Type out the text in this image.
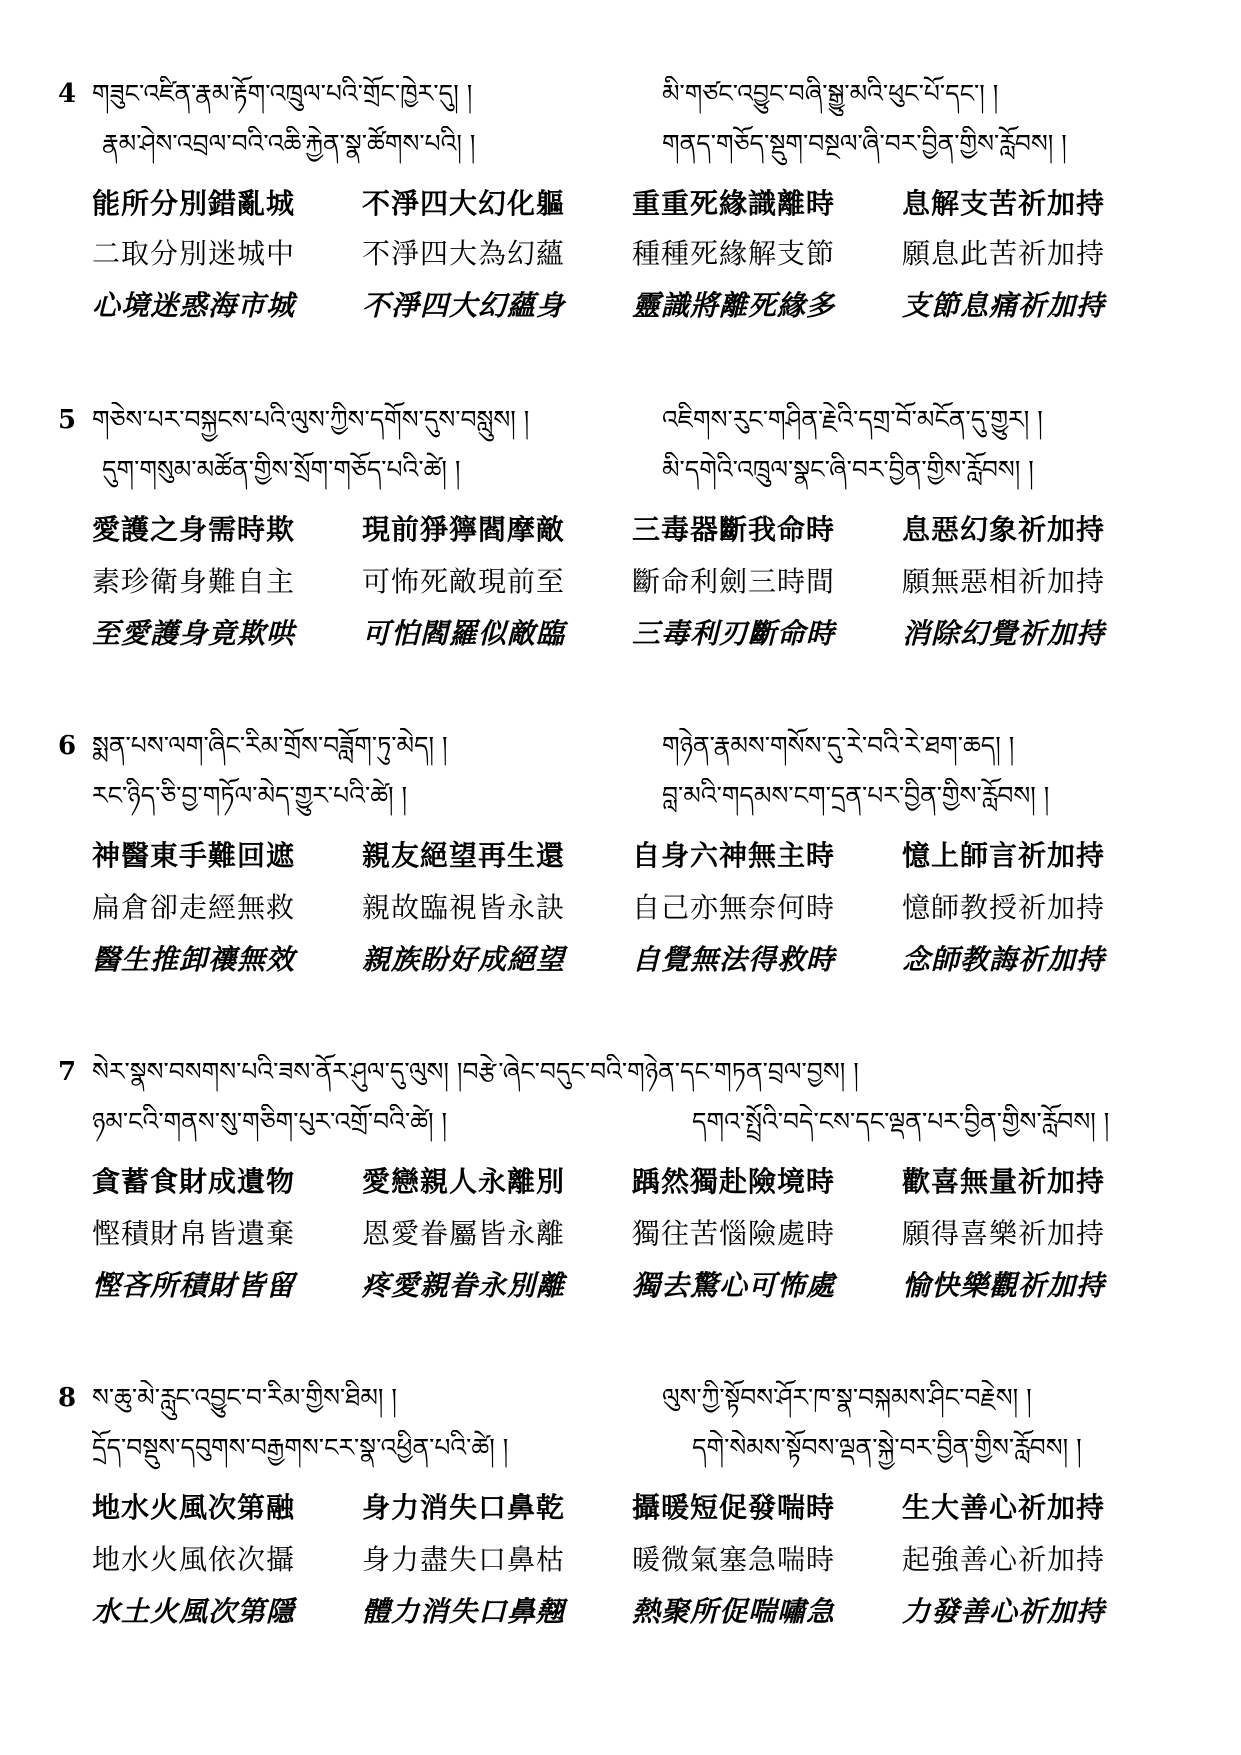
4 གཟུང་འཛིན་རྣམ་རྟོག་འཁྲུལ་པའི་གྲོང་ཁྱེར་དུ། །	མི་གཙང་འབྱུང་བཞི་སྒྱུ་མའི་ཕུང་པོ་དང་། །
རྣམ་ཤེས་འབྲལ་བའི་འཆི་རྐྱེན་སྣ་ཚོགས་པའི། །	གནད་གཅོད་སྡུག་བསྔལ་ཞི་བར་བྱིན་གྱིས་རློབས། །
能所分別錯亂城 不淨四大幻化軀 重重死緣識離時 息解支苦祈加持
二取分別迷城中 不淨四大為幻蘊 種種死緣解支節 願息此苦祈加持
心境迷惑海市城 不淨四大幻蘊身 靈識將離死緣多 支節息痛祈加持
5 གཅེས་པར་བསྐྱངས་པའི་ལུས་ཀྱིས་དགོས་དུས་བསླུས། །	འཇིགས་རུང་གཤིན་རྗེའི་དགྲ་བོ་མངོན་དུ་གྱུར། །
དུག་གསུམ་མཚོན་གྱིས་སྲོག་གཅོད་པའི་ཚེ། །	མི་དགེའི་འཁྲུལ་སྣང་ཞི་བར་བྱིན་གྱིས་རློབས། །
愛護之身需時欺 現前猙獰閻摩敵 三毒器斷我命時 息惡幻象祈加持
素珍衛身難自主 可怖死敵現前至 斷命利劍三時間 願無惡相祈加持
至愛護身竟欺哄 可怕閻羅似敵臨 三毒利刃斷命時 消除幻覺祈加持
6 སྨན་པས་ལག་ཞིང་རིམ་གྲོས་བཟློག་ཏུ་མེད། །	གཉེན་རྣམས་གསོས་དུ་རེ་བའི་རེ་ཐག་ཆད། །
རང་ཉིད་ཅི་བྱ་གཏོལ་མེད་གྱུར་པའི་ཚེ། །	བླ་མའི་གདམས་ངག་དྲན་པར་བྱིན་གྱིས་རློབས། །
神醫東手難回遮 親友絕望再生還 自身六神無主時 憶上師言祈加持
扁倉卻走經無救 親故臨視皆永訣 自己亦無奈何時 憶師教授祈加持
醫生推卸禳無效 親族盼好成絕望 自覺無法得救時 念師教誨祈加持
7 སེར་སྣས་བསགས་པའི་ཟས་ནོར་ཤུལ་དུ་ལུས། །བརྩེ་ཞེང་བདུང་བའི་གཉེན་དང་གཏན་བྲལ་བྱས། །
ཉམ་ངའི་གནས་སུ་གཅིག་པུར་འགྲོ་བའི་ཚེ། །	དགའ་སྤྲོའི་བདེ་ངས་དང་ལྡན་པར་བྱིན་གྱིས་རློབས། །
貪蓄食財成遺物 愛戀親人永離別 踽然獨赴險境時 歡喜無量祈加持
慳積財帛皆遺棄 恩愛眷屬皆永離 獨往苦惱險處時 願得喜樂祈加持
慳吝所積財皆留 疼愛親眷永別離 獨去驚心可怖處 愉快樂觀祈加持
8 ས་ཆུ་མེ་རླུང་འབྱུང་བ་རིམ་གྱིས་ཐིམ། །	ལུས་ཀྱི་སྟོབས་ཤོར་ཁ་སྣ་བསྐམས་ཤིང་བརྗེས། །
དྲོད་བསྡུས་དབུགས་བརྒྱགས་ངར་སྣ་འཕྱིན་པའི་ཚེ། །	དགེ་སེམས་སྟོབས་ལྡན་སྐྱེ་བར་བྱིན་གྱིས་རློབས། །
地水火風次第融 身力消失口鼻乾 攝暖短促發喘時 生大善心祈加持
地水火風依次攝 身力盡失口鼻枯 暖微氣塞急喘時 起強善心祈加持
水土火風次第隱 體力消失口鼻翹 熱聚所促喘嘯急 力發善心祈加持
